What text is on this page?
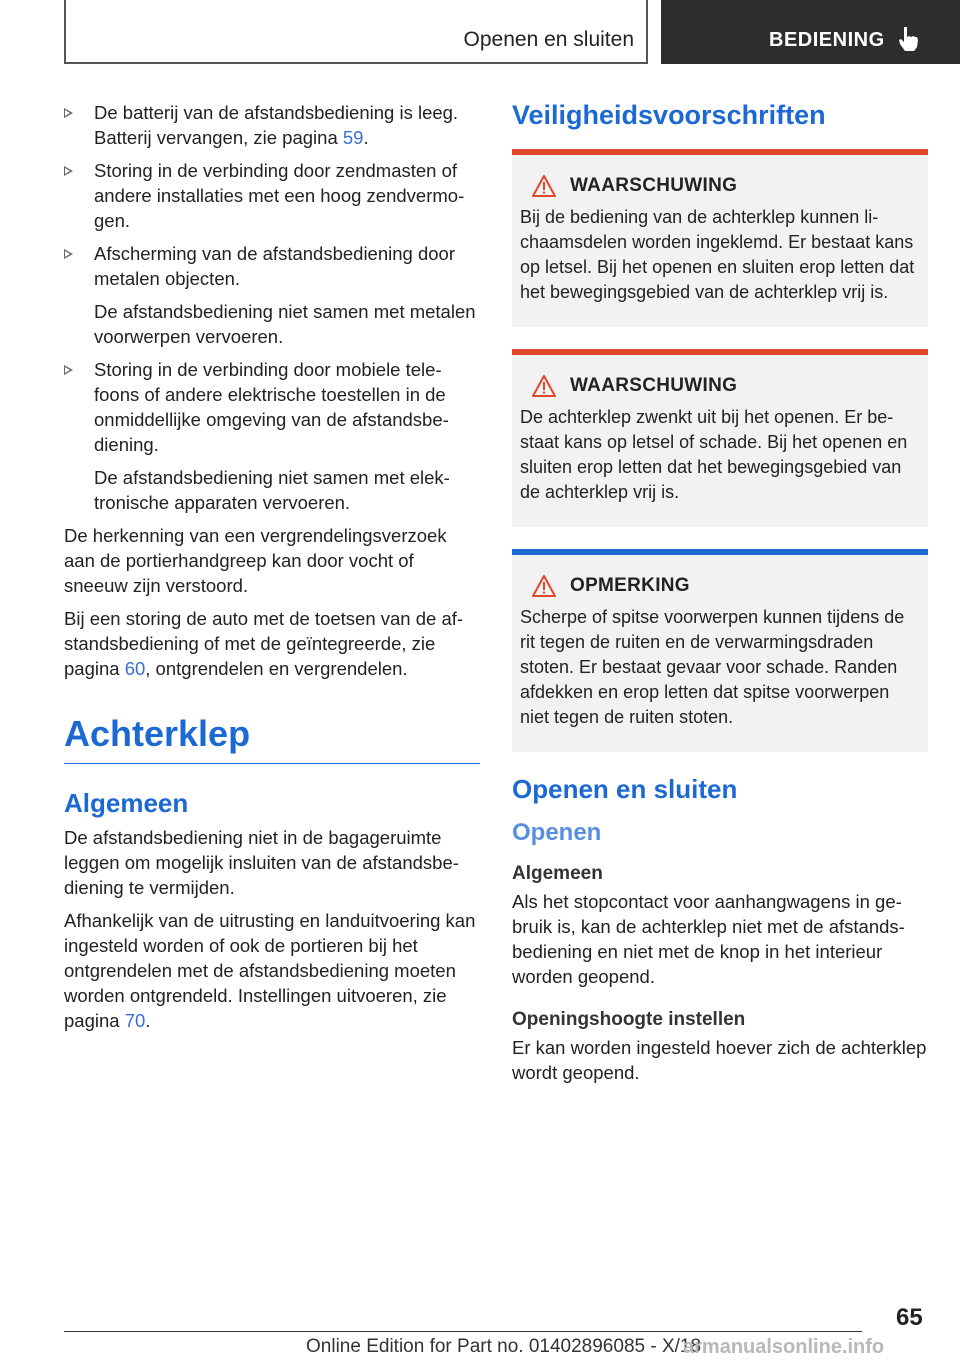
Openen en sluiten	BEDIENING

De batterij van de afstandsbediening is leeg. Batterij vervangen, zie pagina 59.

Storing in de verbinding door zendmasten of andere installaties met een hoog zendvermogen.

Afscherming van de afstandsbediening door metalen objecten.

De afstandsbediening niet samen met metalen voorwerpen vervoeren.

Storing in de verbinding door mobiele telefoons of andere elektrische toestellen in de onmiddellijke omgeving van de afstandsbediening.

De afstandsbediening niet samen met elektronische apparaten vervoeren.

De herkenning van een vergrendelingsverzoek aan de portierhandgreep kan door vocht of sneeuw zijn verstoord.

Bij een storing de auto met de toetsen van de afstandsbediening of met de geïntegreerde, zie pagina 60, ontgrendelen en vergrendelen.

Achterklep
Algemeen

De afstandsbediening niet in de bagageruimte leggen om mogelijk insluiten van de afstandsbediening te vermijden.

Afhankelijk van de uitrusting en landuitvoering kan ingesteld worden of ook de portieren bij het ontgrendelen met de afstandsbediening moeten worden ontgrendeld. Instellingen uitvoeren, zie pagina 70.

Veiligheidsvoorschriften
WAARSCHUWING

Bij de bediening van de achterklep kunnen lichaamsdelen worden ingeklemd. Er bestaat kans op letsel. Bij het openen en sluiten erop letten dat het bewegingsgebied van de achterklep vrij is.

WAARSCHUWING

De achterklep zwenkt uit bij het openen. Er bestaat kans op letsel of schade. Bij het openen en sluiten erop letten dat het bewegingsgebied van de achterklep vrij is.

OPMERKING

Scherpe of spitse voorwerpen kunnen tijdens de rit tegen de ruiten en de verwarmingsdraden stoten. Er bestaat gevaar voor schade. Randen afdekken en erop letten dat spitse voorwerpen niet tegen de ruiten stoten.

Openen en sluiten
Openen
Algemeen

Als het stopcontact voor aanhangwagens in gebruik is, kan de achterklep niet met de afstandsbediening en niet met de knop in het interieur worden geopend.

Openingshoogte instellen

Er kan worden ingesteld hoever zich de achterklep wordt geopend.

65
Online Edition for Part no. 01402896085 - X/18
armanualsonline.info
